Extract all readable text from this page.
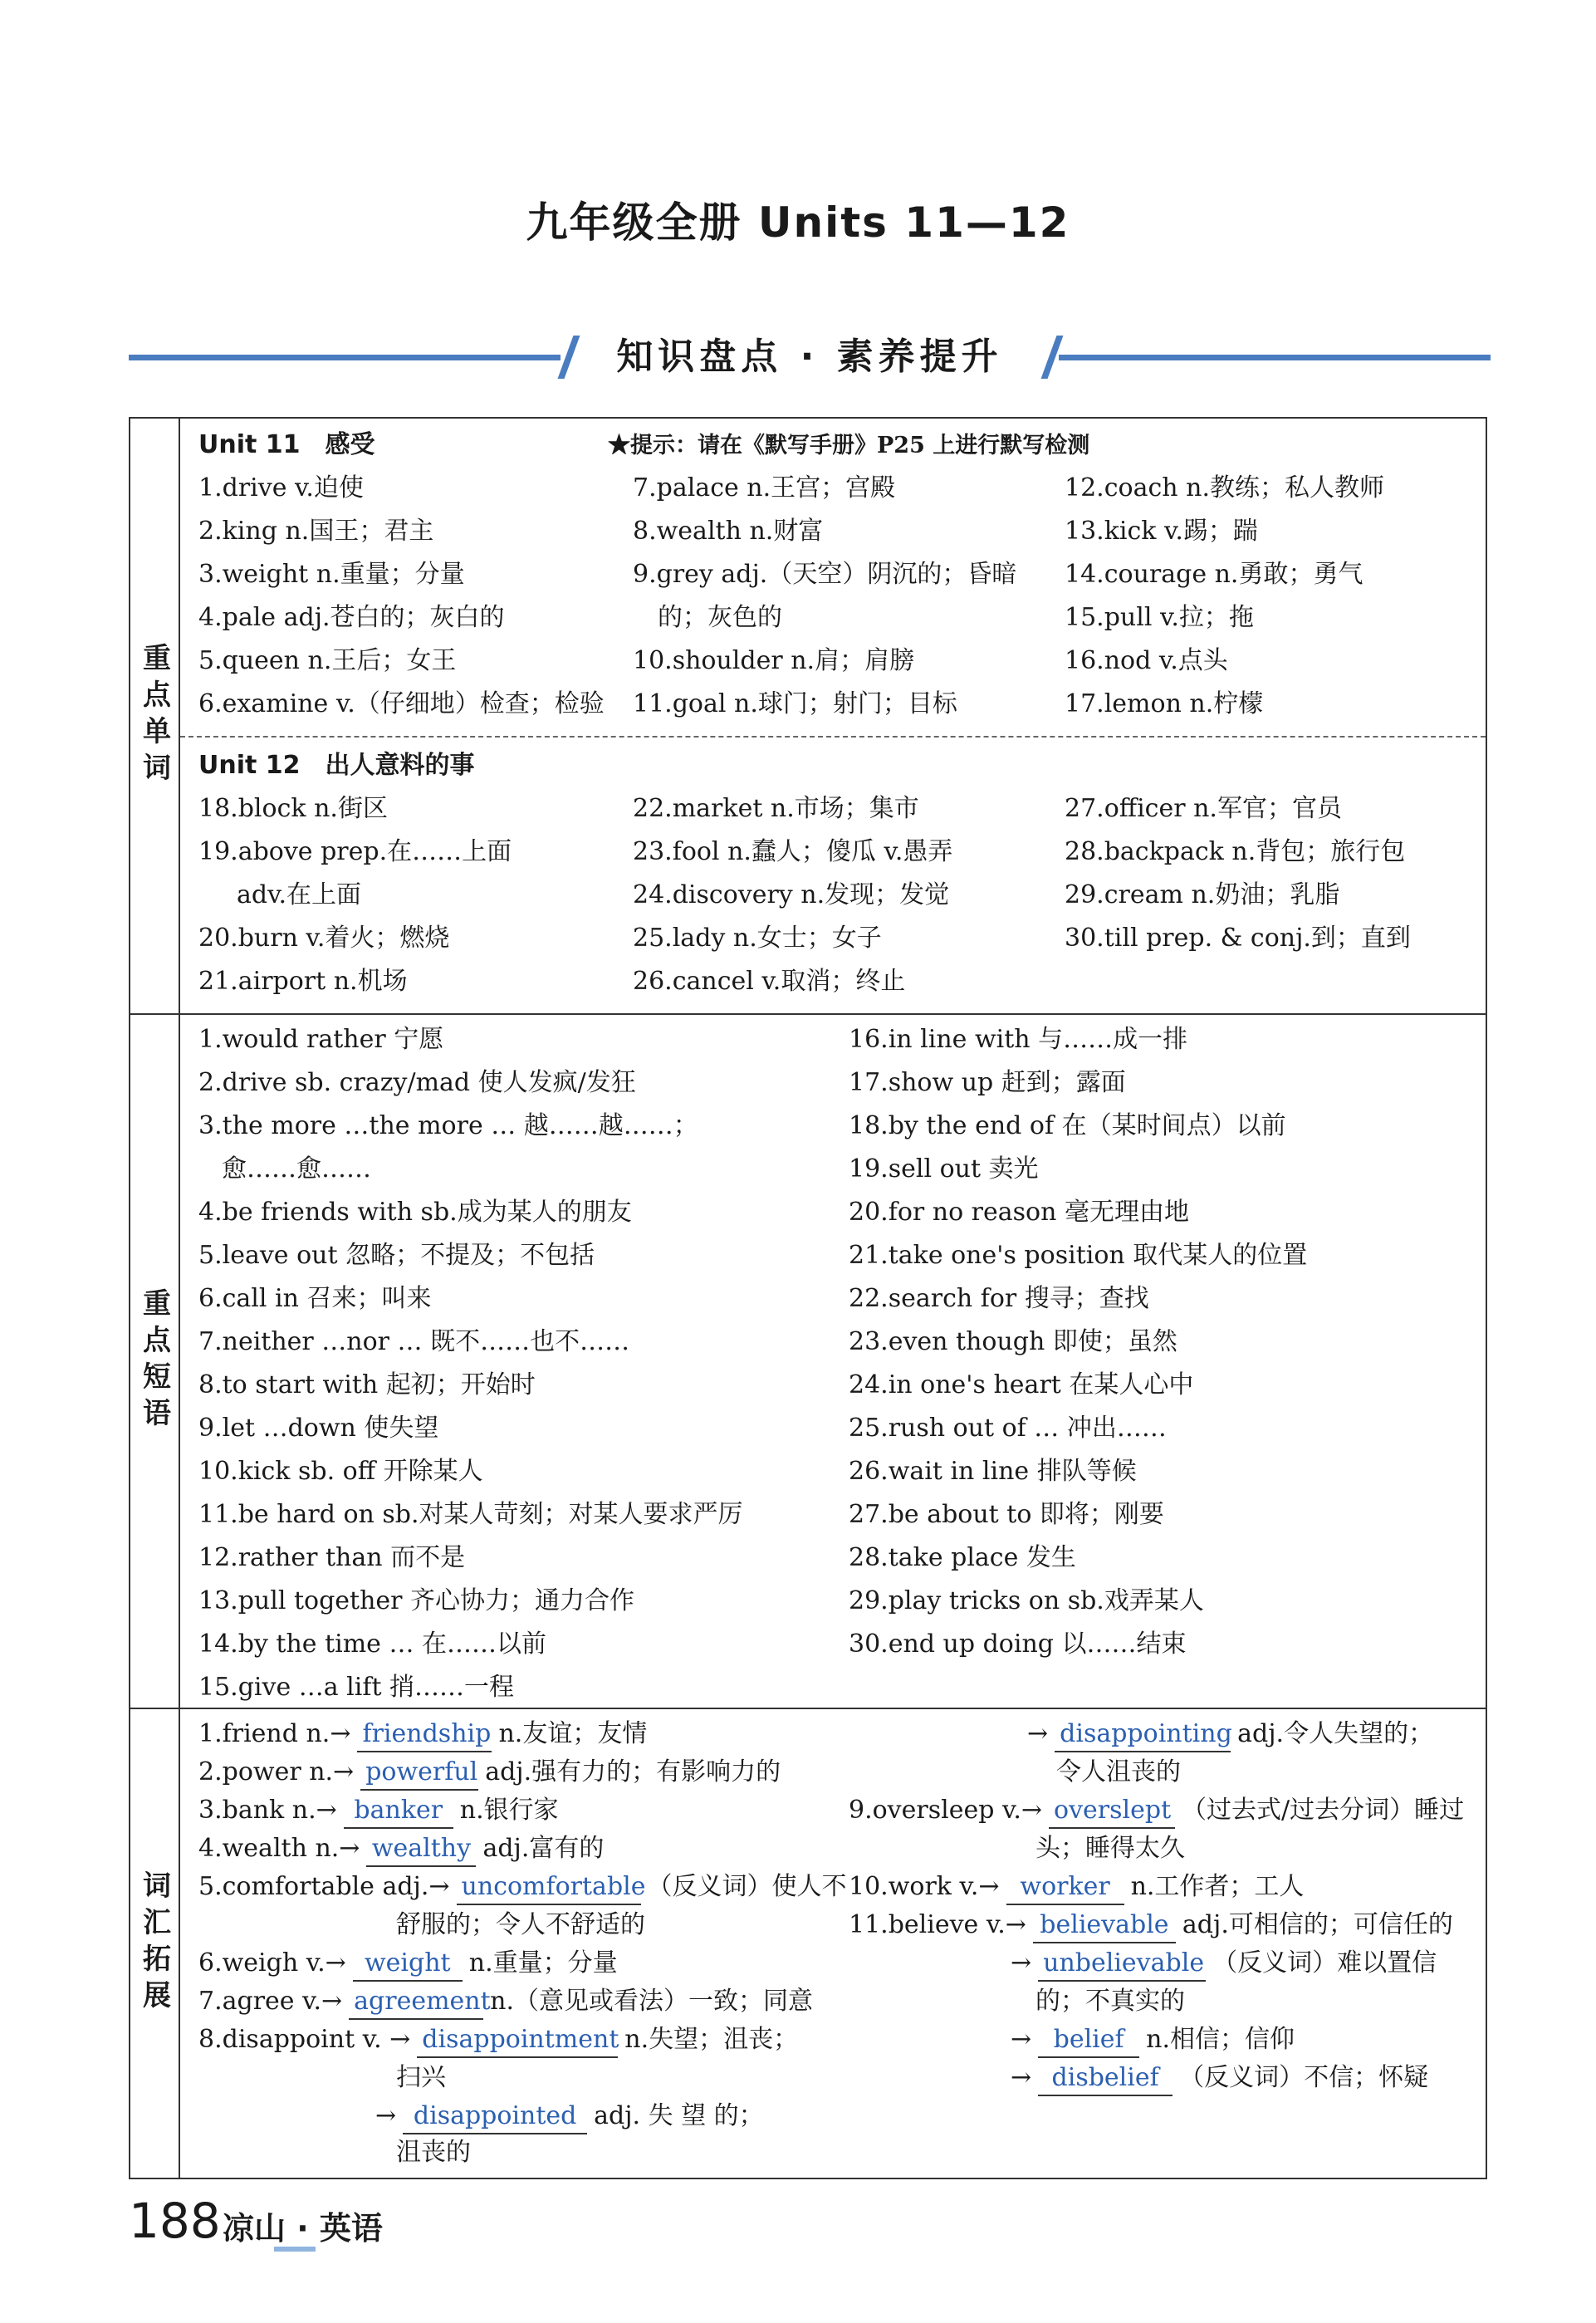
九年级全册 Units 11—12
知识盘点 · 素养提升
重点单词
Unit 11　感受	★提示：请在《默写手册》P25 上进行默写检测
1.drive v.迫使	7.palace n.王宫；宫殿	12.coach n.教练；私人教师
2.king n.国王；君主	8.wealth n.财富	13.kick v.踢；踹
3.weight n.重量；分量	9.grey adj.（天空）阴沉的；昏暗 14.courage n.勇敢；勇气
4.pale adj.苍白的；灰白的	的；灰色的	15.pull v.拉；拖
5.queen n.王后；女王	10.shoulder n.肩；肩膀	16.nod v.点头
6.examine v.（仔细地）检查；检验 11.goal n.球门；射门；目标	17.lemon n.柠檬
Unit 12　出人意料的事
18.block n.街区	22.market n.市场；集市	27.officer n.军官；官员
19.above prep.在……上面	23.fool n.蠢人；傻瓜 v.愚弄	28.backpack n.背包；旅行包
adv.在上面	24.discovery n.发现；发觉	29.cream n.奶油；乳脂
20.burn v.着火；燃烧	25.lady n.女士；女子	30.till prep. & conj.到；直到
21.airport n.机场	26.cancel v.取消；终止
重点短语
1.would rather 宁愿
2.drive sb. crazy/mad 使人发疯/发狂
3.the more …the more … 越……越……；
愈……愈……
4.be friends with sb.成为某人的朋友
5.leave out 忽略；不提及；不包括
6.call in 召来；叫来
7.neither …nor … 既不……也不……
8.to start with 起初；开始时
9.let …down 使失望
10.kick sb. off 开除某人
11.be hard on sb.对某人苛刻；对某人要求严厉
12.rather than 而不是
13.pull together 齐心协力；通力合作
14.by the time … 在……以前
15.give …a lift 捎……一程
16.in line with 与……成一排
17.show up 赶到；露面
18.by the end of 在（某时间点）以前
19.sell out 卖光
20.for no reason 毫无理由地
21.take one's position 取代某人的位置
22.search for 搜寻；查找
23.even though 即使；虽然
24.in one's heart 在某人心中
25.rush out of … 冲出……
26.wait in line 排队等候
27.be about to 即将；刚要
28.take place 发生
29.play tricks on sb.戏弄某人
30.end up doing 以……结束
词汇拓展
1.friend n.→ friendship n.友谊；友情
2.power n.→ powerful adj.强有力的；有影响力的
3.bank n.→ banker n.银行家
4.wealth n.→ wealthy adj.富有的
5.comfortable adj.→ uncomfortable（反义词）使人不
舒服的；令人不舒适的
6.weigh v.→ weight n.重量；分量
7.agree v.→ agreementn.（意见或看法）一致；同意
8.disappoint v. → disappointment n.失望；沮丧；
扫兴
→ disappointed adj. 失 望 的；
沮丧的
→ disappointing adj.令人失望的；
令人沮丧的
9.oversleep v.→ overslept （过去式/过去分词）睡过
头；睡得太久
10.work v.→ worker n.工作者；工人
11.believe v.→ believable adj.可相信的；可信任的
→ unbelievable （反义词）难以置信
的；不真实的
→ belief n.相信；信仰
→ disbelief （反义词）不信；怀疑
188 凉山 · 英语
